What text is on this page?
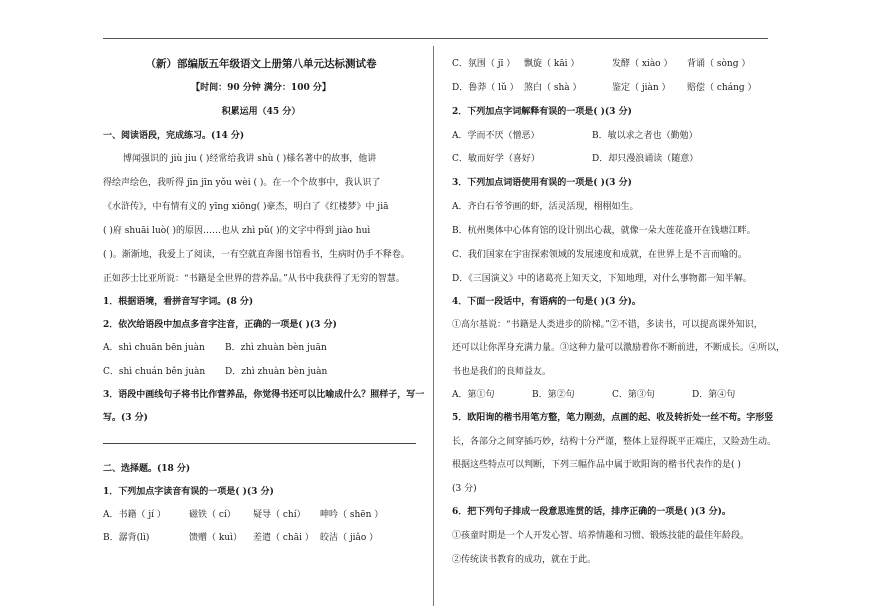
（新）部编版五年级语文上册第八单元达标测试卷
【时间：90 分钟 满分：100 分】
积累运用（45 分）
一、阅读语段，完成练习。(14 分)
博闻强识的 jiù jiu ( )经常给我讲 shù ( )様名著中的故事，他讲
得绘声绘色，我听得 jīn jīn yǒu wèi ( )。在一个个故事中，我认识了
《水浒传》，中有情有义的 yīng xiōng( )豪杰，明白了《红楼梦》中 jiā
( )府 shuāi luò( )的原因……也从 zhì pǔ( )的文字中得到 jiào huì
( )。渐渐地，我爱上了阅读，一有空就直奔图书馆看书，生病时仍手不释卷。
正如莎士比亚所说：“书籍是全世界的营养品。”从书中我获得了无穷的智慧。
1．根据语境，看拼音写字词。(8 分)
2．依次给语段中加点多音字注音，正确的一项是( )(3 分)
A．shì chuān bēn juàn B．zhì zhuàn bèn juān
C．shì chuán běn juàn D．zhì zhuàn bèn juàn
3．语段中画线句子将书比作营养品，你觉得书还可以比喻成什么？照样子，写一
写。(3 分)
二、选择题。(18 分)
1．下列加点字读音有误的一项是( )(3 分)
A．书籍（ jí ）	磁铁（ cí） 疑导（ chí） 呻吟（ shēn ）
B．潺背(lì)	馈赠（ kuì） 差遣（ chāi ） 皎洁（ jiǎo ）
C．氛围（ jī ） 飘旋（ kāi ）	发酵（ xiào ） 背诵（ sòng ）
D．鲁莽（ lǔ ） 煞白（ shà ）	鉴定（ jiàn ） 赔偿（ cháng ）
2．下列加点字词解释有误的一项是( )(3 分)
A．学而不厌（憎恶）	B．敏以求之者也（勤勉）
C．敏而好学（喜好）	D．却只漫浪诵读（随意）
3．下列加点词语使用有误的一项是( )(3 分)
A．齐白石爷爷画的虾，活灵活现，栩栩如生。
B．杭州奥体中心体育馆的设计别出心裁，就像一朵大莲花盛开在钱塘江畔。
C．我们国家在宇宙探索领域的发展速度和成就，在世界上是不言而喻的。
D．《三国演义》中的诸葛亮上知天文，下知地理，对什么事物都一知半解。
4．下面一段话中，有语病的一句是( )(3 分)。
①高尔基说：“书籍是人类进步的阶梯。”②不错，多读书，可以提高课外知识，
还可以让你浑身充满力量。③这种力量可以激励着你不断前进，不断成长。④所以，
书也是我们的良师益友。
A．第①句	B．第②句	C．第③句	D．第④句
5．欧阳询的楷书用笔方整，笔力刚劲，点画的起、收及转折处一丝不苟。字形竖
长，各部分之间穿插巧妙，结构十分严谨，整体上显得既平正端庄，又险劲生动。
根据这些特点可以判断，下列三幅作品中属于欧阳询的楷书代表作的是( )
(3 分)
6．把下列句子排成一段意思连贯的话，排序正确的一项是( )(3 分)。
①孩童时期是一个人开发心智、培养情趣和习惯、锻炼技能的最佳年龄段。
②传统读书教育的成功，就在于此。
